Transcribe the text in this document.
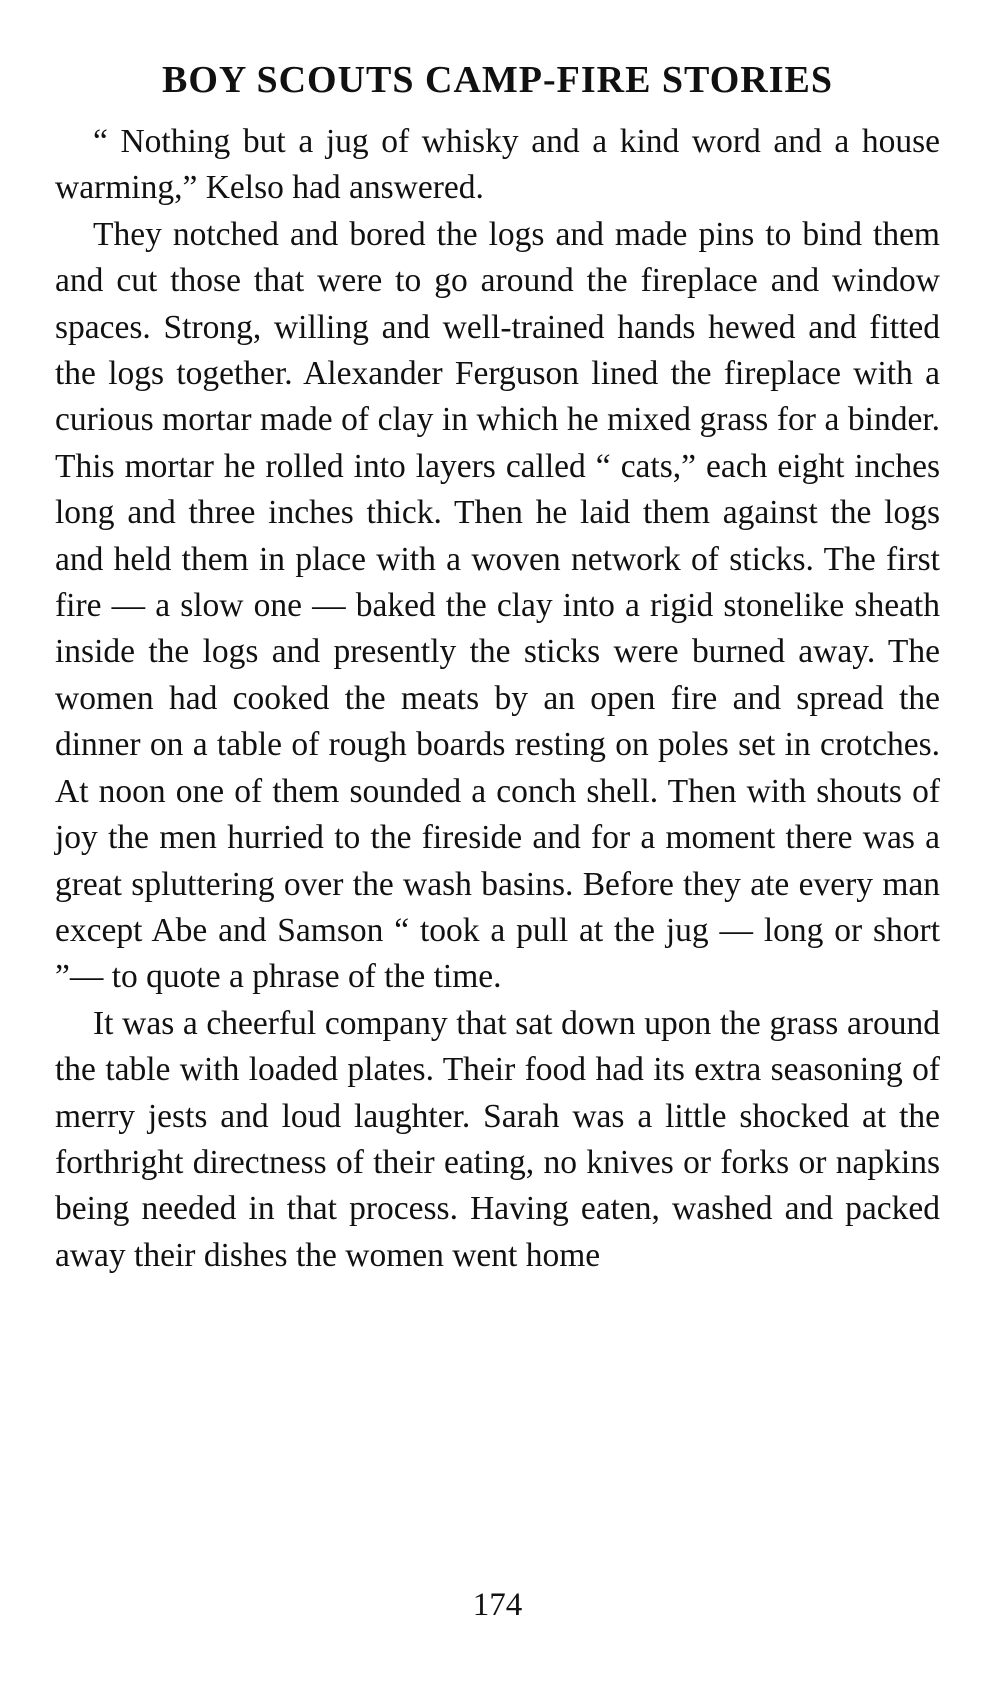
BOY SCOUTS CAMP-FIRE STORIES

“ Nothing but a jug of whisky and a kind word and a house warming,” Kelso had answered.

They notched and bored the logs and made pins to bind them and cut those that were to go around the fireplace and window spaces. Strong, willing and well-trained hands hewed and fitted the logs together. Alexander Ferguson lined the fireplace with a curious mortar made of clay in which he mixed grass for a binder. This mortar he rolled into layers called “ cats,” each eight inches long and three inches thick. Then he laid them against the logs and held them in place with a woven network of sticks. The first fire — a slow one — baked the clay into a rigid stonelike sheath inside the logs and presently the sticks were burned away. The women had cooked the meats by an open fire and spread the dinner on a table of rough boards resting on poles set in crotches. At noon one of them sounded a conch shell. Then with shouts of joy the men hurried to the fireside and for a moment there was a great spluttering over the wash basins. Before they ate every man except Abe and Samson “ took a pull at the jug — long or short ”— to quote a phrase of the time.

It was a cheerful company that sat down upon the grass around the table with loaded plates. Their food had its extra seasoning of merry jests and loud laughter. Sarah was a little shocked at the forthright directness of their eating, no knives or forks or napkins being needed in that process. Having eaten, washed and packed away their dishes the women went home

174
